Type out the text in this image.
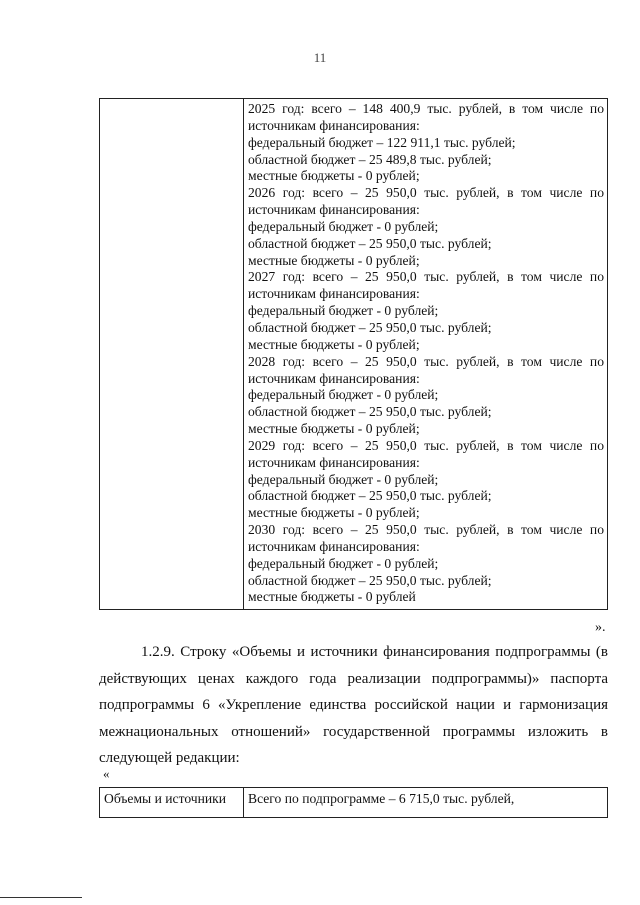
11

2025 год: всего – 148 400,9 тыс. рублей, в том числе по
источникам финансирования:
федеральный бюджет – 122 911,1 тыс. рублей;
областной бюджет – 25 489,8 тыс. рублей;
местные бюджеты - 0 рублей;
2026 год: всего – 25 950,0 тыс. рублей, в том числе по
источникам финансирования:
федеральный бюджет - 0 рублей;
областной бюджет – 25 950,0 тыс. рублей;
местные бюджеты - 0 рублей;
2027 год: всего – 25 950,0 тыс. рублей, в том числе по
источникам финансирования:
федеральный бюджет - 0 рублей;
областной бюджет – 25 950,0 тыс. рублей;
местные бюджеты - 0 рублей;
2028 год: всего – 25 950,0 тыс. рублей, в том числе по
источникам финансирования:
федеральный бюджет - 0 рублей;
областной бюджет – 25 950,0 тыс. рублей;
местные бюджеты - 0 рублей;
2029 год: всего – 25 950,0 тыс. рублей, в том числе по
источникам финансирования:
федеральный бюджет - 0 рублей;
областной бюджет – 25 950,0 тыс. рублей;
местные бюджеты - 0 рублей;
2030 год: всего – 25 950,0 тыс. рублей, в том числе по
источникам финансирования:
федеральный бюджет - 0 рублей;
областной бюджет – 25 950,0 тыс. рублей;
местные бюджеты - 0 рублей
».
1.2.9. Строку «Объемы и источники финансирования подпрограммы (в
действующих ценах каждого года реализации подпрограммы)» паспорта
подпрограммы 6 «Укрепление единства российской нации и гармонизация
межнациональных отношений» государственной программы изложить в
следующей редакции:
«
Объемы и источники	Всего по подпрограмме – 6 715,0 тыс. рублей,
